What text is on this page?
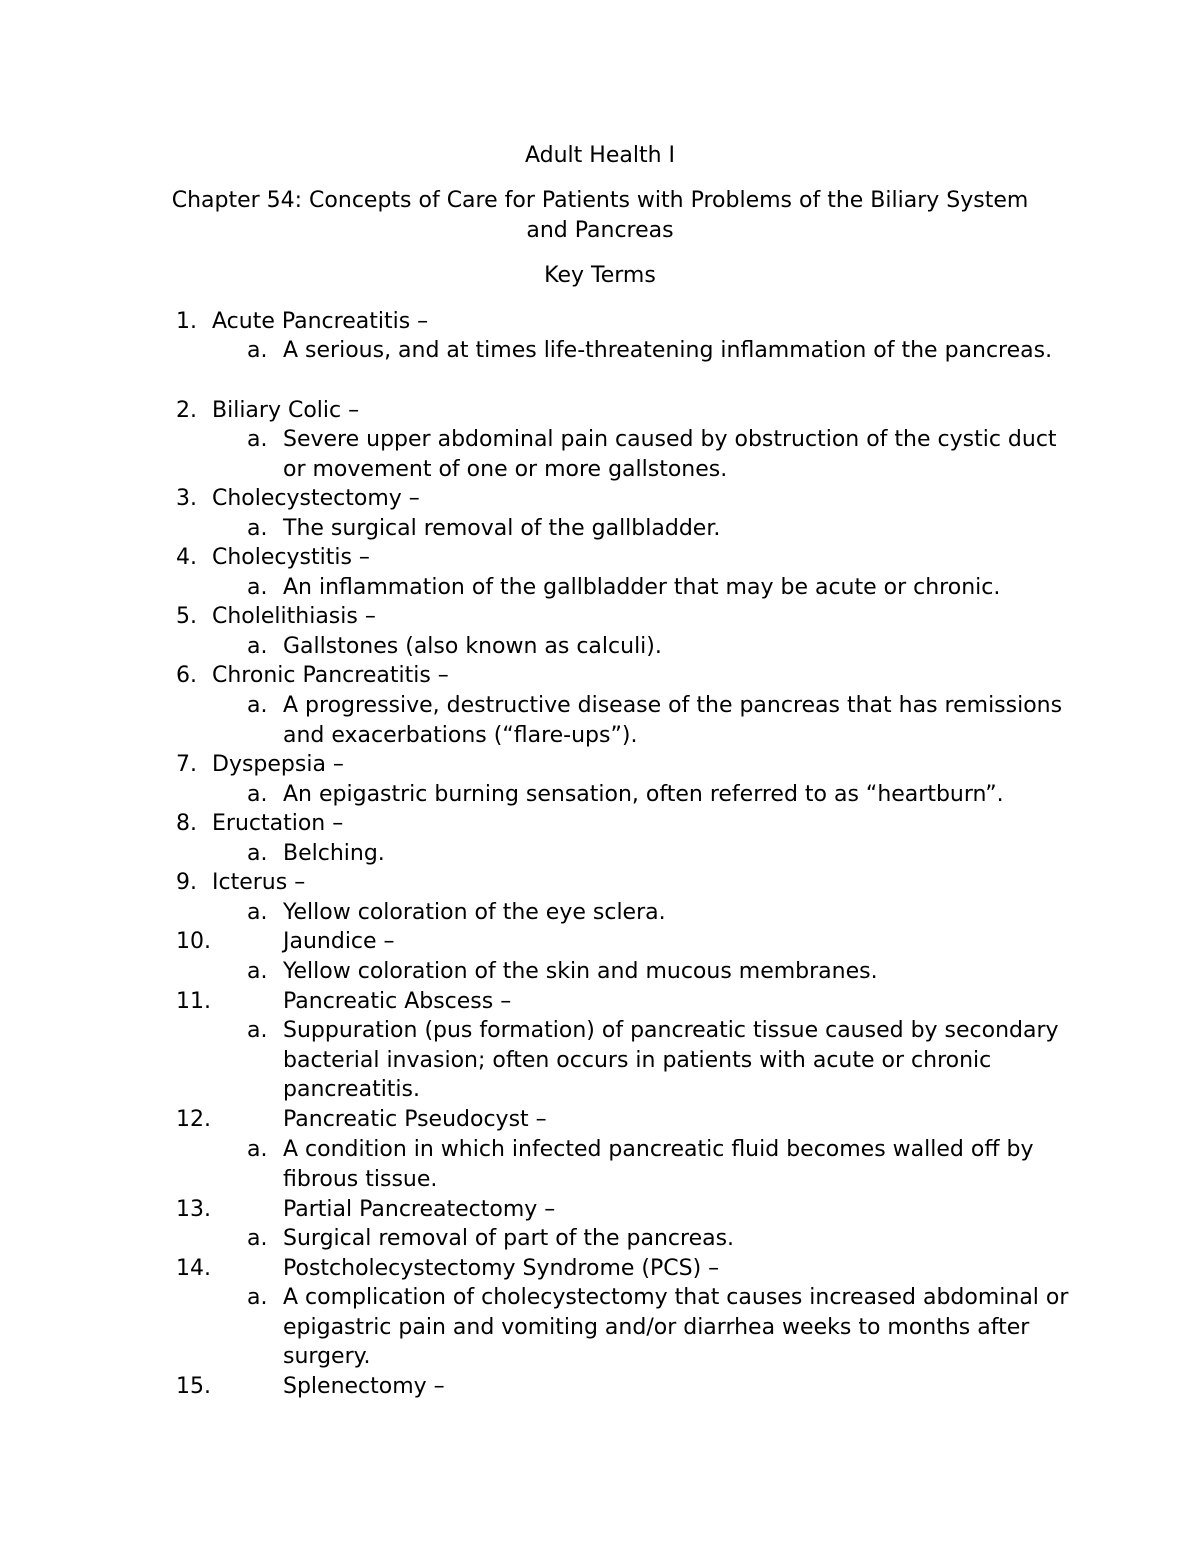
Adult Health I
Chapter 54: Concepts of Care for Patients with Problems of the Biliary System
and Pancreas
Key Terms
1. Acute Pancreatitis –
a. A serious, and at times life-threatening inflammation of the pancreas.
2. Biliary Colic –
a. Severe upper abdominal pain caused by obstruction of the cystic duct or movement of one or more gallstones.
3. Cholecystectomy –
a. The surgical removal of the gallbladder.
4. Cholecystitis –
a. An inflammation of the gallbladder that may be acute or chronic.
5. Cholelithiasis –
a. Gallstones (also known as calculi).
6. Chronic Pancreatitis –
a. A progressive, destructive disease of the pancreas that has remissions and exacerbations (“flare-ups”).
7. Dyspepsia –
a. An epigastric burning sensation, often referred to as “heartburn”.
8. Eructation –
a. Belching.
9. Icterus –
a. Yellow coloration of the eye sclera.
10.	Jaundice –
a. Yellow coloration of the skin and mucous membranes.
11.	Pancreatic Abscess –
a. Suppuration (pus formation) of pancreatic tissue caused by secondary bacterial invasion; often occurs in patients with acute or chronic pancreatitis.
12.	Pancreatic Pseudocyst –
a. A condition in which infected pancreatic fluid becomes walled off by fibrous tissue.
13.	Partial Pancreatectomy –
a. Surgical removal of part of the pancreas.
14.	Postcholecystectomy Syndrome (PCS) –
a. A complication of cholecystectomy that causes increased abdominal or epigastric pain and vomiting and/or diarrhea weeks to months after surgery.
15.	Splenectomy –
